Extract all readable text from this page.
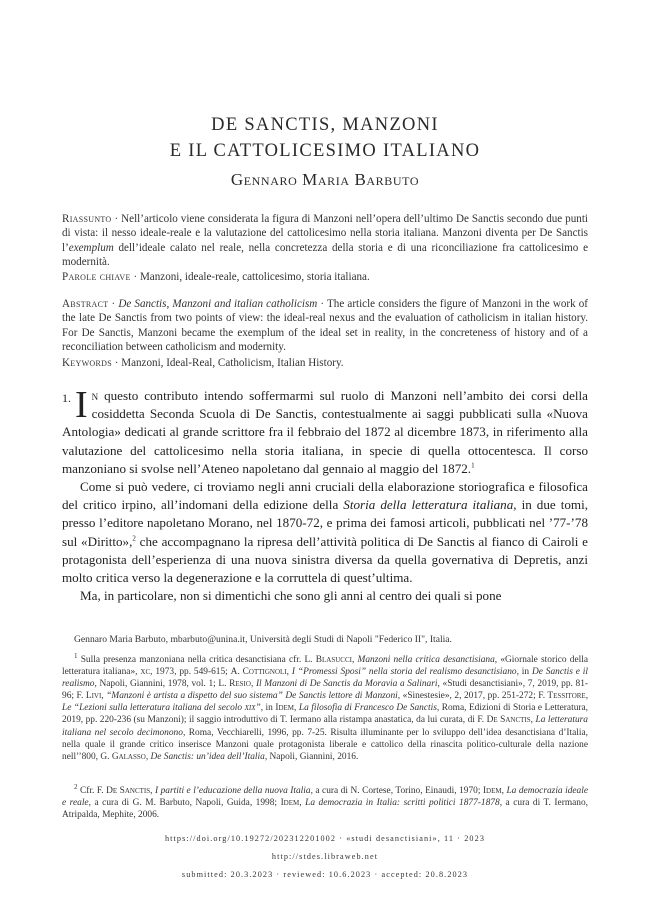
DE SANCTIS, MANZONI
E IL CATTOLICESIMO ITALIANO
Gennaro Maria Barbuto
Riassunto · Nell’articolo viene considerata la figura di Manzoni nell’opera dell’ultimo De Sanctis secondo due punti di vista: il nesso ideale-reale e la valutazione del cattolicesimo nella storia italiana. Manzoni diventa per De Sanctis l’exemplum dell’ideale calato nel reale, nella concretezza della storia e di una riconciliazione fra cattolicesimo e modernità.
Parole chiave · Manzoni, ideale-reale, cattolicesimo, storia italiana.
Abstract · De Sanctis, Manzoni and italian catholicism · The article considers the figure of Manzoni in the work of the late De Sanctis from two points of view: the ideal-real nexus and the evaluation of catholicism in italian history. For De Sanctis, Manzoni became the exemplum of the ideal set in reality, in the concreteness of history and of a reconciliation between catholicism and modernity.
Keywords · Manzoni, Ideal-Real, Catholicism, Italian History.

1. I n questo contributo intendo soffermarmi sul ruolo di Manzoni nell’ambito dei corsi della cosiddetta Seconda Scuola di De Sanctis, contestualmente ai saggi pubblicati sulla «Nuova Antologia» dedicati al grande scrittore fra il febbraio del 1872 al dicembre 1873, in riferimento alla valutazione del cattolicesimo nella storia italiana, in specie di quella ottocentesca. Il corso manzoniano si svolse nell’Ateneo napoletano dal gennaio al maggio del 1872.$^1$

Come si può vedere, ci troviamo negli anni cruciali della elaborazione storiografica e filosofica del critico irpino, all’indomani della edizione della Storia della letteratura italiana, in due tomi, presso l’editore napoletano Morano, nel 1870-72, e prima dei famosi articoli, pubblicati nel ’77-’78 sul «Diritto»,$^2$ che accompagnano la ripresa dell’attività politica di De Sanctis al fianco di Cairoli e protagonista dell’esperienza di una nuova sinistra diversa da quella governativa di Depretis, anzi molto critica verso la degenerazione e la corruttela di quest’ultima.

Ma, in particolare, non si dimentichi che sono gli anni al centro dei quali si pone

Gennaro Maria Barbuto, mbarbuto@unina.it, Università degli Studi di Napoli "Federico II", Italia.

$^1$ Sulla presenza manzoniana nella critica desanctisiana cfr. L. Blasucci, Manzoni nella critica desanctisiana, «Giornale storico della letteratura italiana», xc, 1973, pp. 549-615; A. Cottignoli, I “Promessi Sposi” nella storia del realismo desanctisiano, in De Sanctis e il realismo, Napoli, Giannini, 1978, vol. 1; L. Resio, Il Manzoni di De Sanctis da Moravia a Salinari, «Studi desanctisiani», 7, 2019, pp. 81-96; F. Livi, “Manzoni è artista a dispetto del suo sistema” De Sanctis lettore di Manzoni, «Sinestesie», 2, 2017, pp. 251-272; F. Tessitore, Le “Lezioni sulla letteratura italiana del secolo xix”, in Idem, La filosofia di Francesco De Sanctis, Roma, Edizioni di Storia e Letteratura, 2019, pp. 220-236 (su Manzoni); il saggio introduttivo di T. Iermano alla ristampa anastatica, da lui curata, di F. De Sanctis, La letteratura italiana nel secolo decimonono, Roma, Vecchiarelli, 1996, pp. 7-25. Risulta illuminante per lo sviluppo dell’idea desanctisiana d’Italia, nella quale il grande critico inserisce Manzoni quale protagonista liberale e cattolico della rinascita politico-culturale della nazione nell’’800, G. Galasso, De Sanctis: un’idea dell’Italia, Napoli, Giannini, 2016.

$^2$ Cfr. F. De Sanctis, I partiti e l’educazione della nuova Italia, a cura di N. Cortese, Torino, Einaudi, 1970; Idem, La democrazia ideale e reale, a cura di G. M. Barbuto, Napoli, Guida, 1998; Idem, La democrazia in Italia: scritti politici 1877-1878, a cura di T. Iermano, Atripalda, Mephite, 2006.

https://doi.org/10.19272/202312201002 · «studi desanctisiani», 11 · 2023
http://stdes.libraweb.net
submitted: 20.3.2023 · reviewed: 10.6.2023 · accepted: 20.8.2023
